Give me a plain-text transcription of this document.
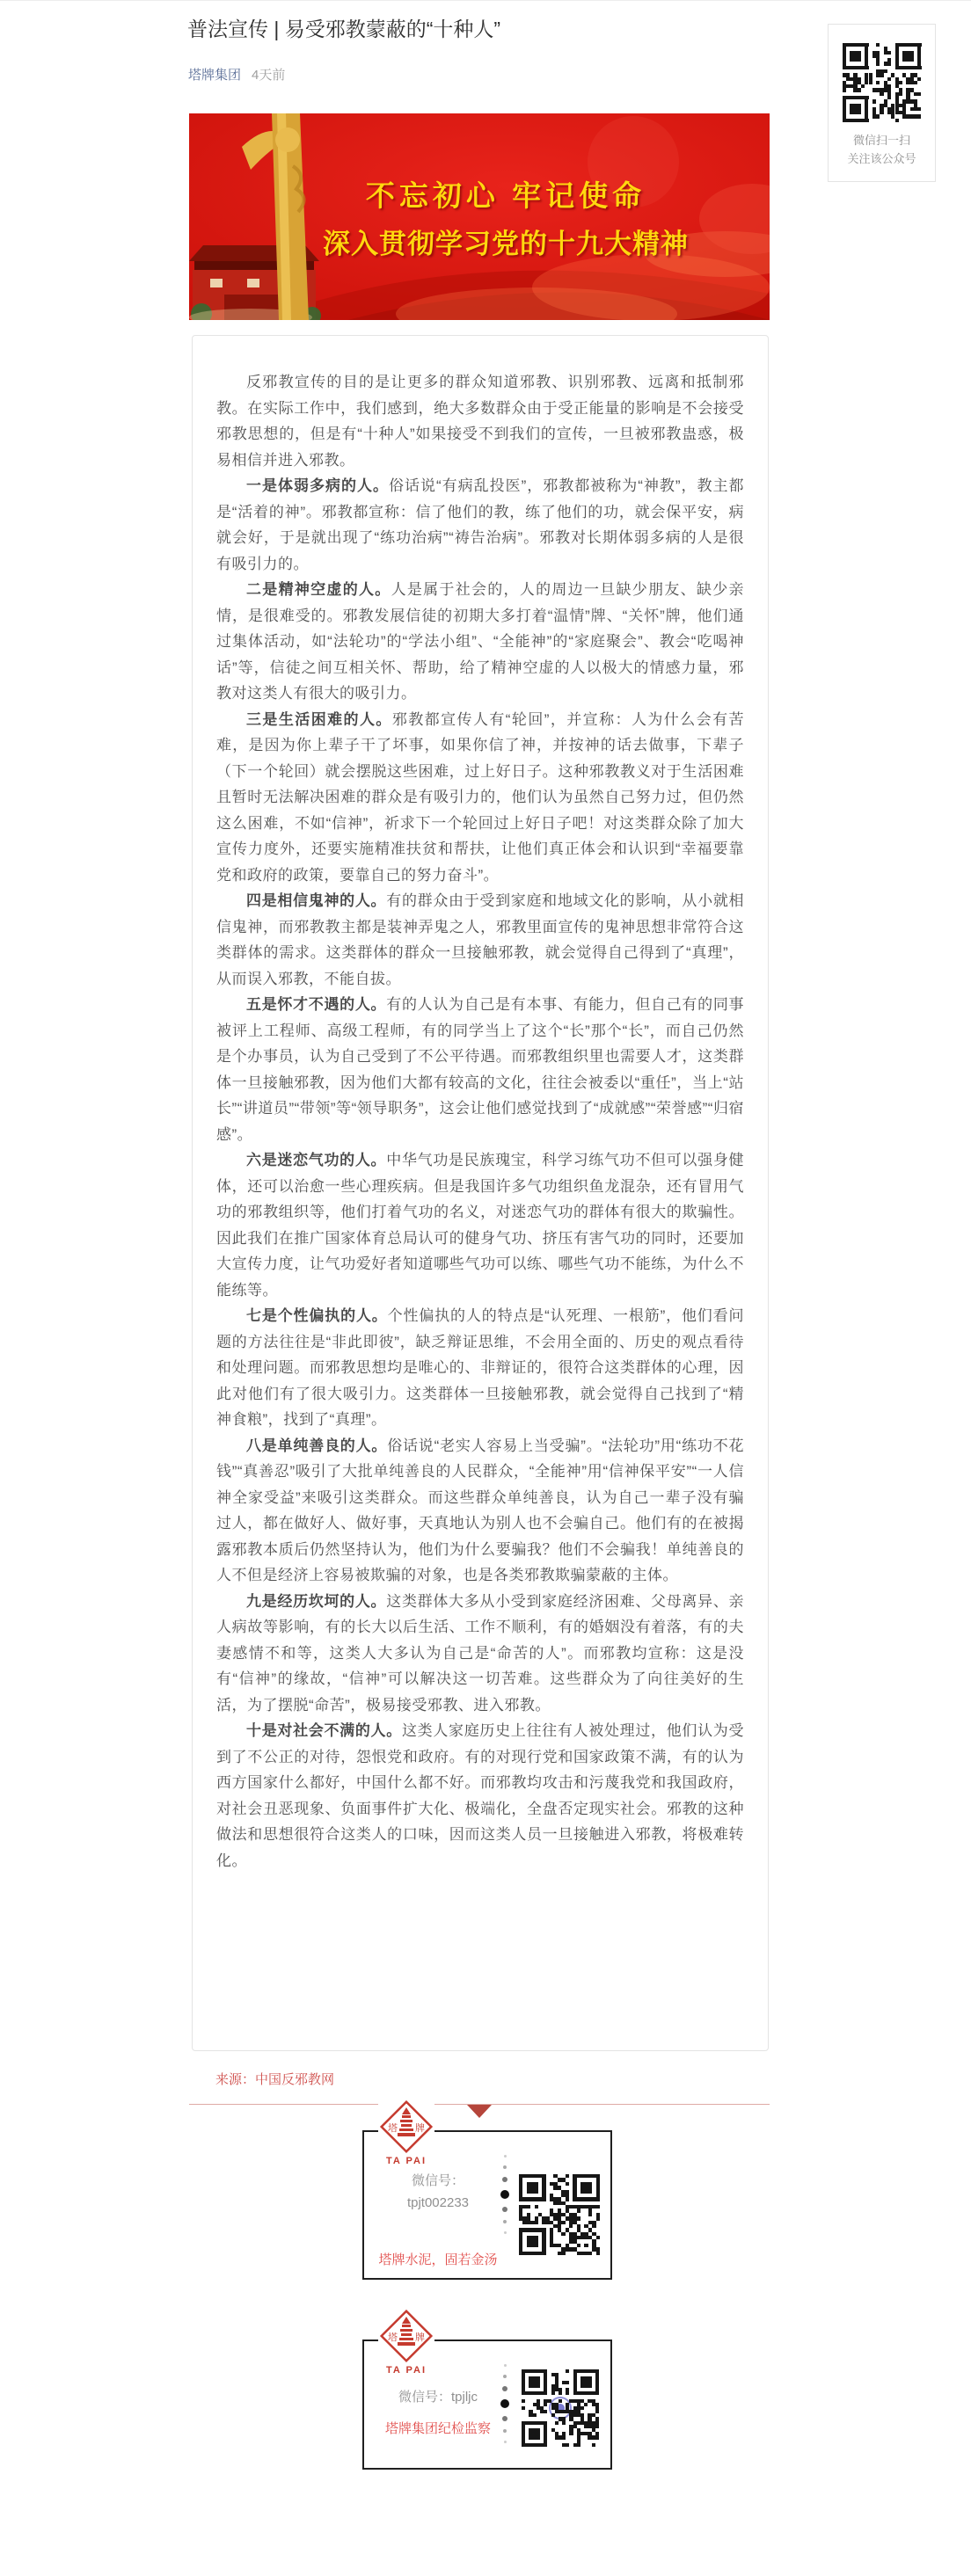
普法宣传 | 易受邪教蒙蔽的“十种人”
塔牌集团 4天前
微信扫一扫
关注该公众号
不忘初心 牢记使命
深入贯彻学习党的十九大精神

反邪教宣传的目的是让更多的群众知道邪教、识别邪教、远离和抵制邪教。在实际工作中，我们感到，绝大多数群众由于受正能量的影响是不会接受邪教思想的，但是有“十种人”如果接受不到我们的宣传，一旦被邪教蛊惑，极易相信并进入邪教。

一是体弱多病的人。俗话说“有病乱投医”，邪教都被称为“神教”，教主都是“活着的神”。邪教都宣称：信了他们的教，练了他们的功，就会保平安，病就会好，于是就出现了“练功治病”“祷告治病”。邪教对长期体弱多病的人是很有吸引力的。

二是精神空虚的人。人是属于社会的，人的周边一旦缺少朋友、缺少亲情，是很难受的。邪教发展信徒的初期大多打着“温情”牌、“关怀”牌，他们通过集体活动，如“法轮功”的“学法小组”、“全能神”的“家庭聚会”、教会“吃喝神话”等，信徒之间互相关怀、帮助，给了精神空虚的人以极大的情感力量，邪教对这类人有很大的吸引力。

三是生活困难的人。邪教都宣传人有“轮回”，并宣称：人为什么会有苦难，是因为你上辈子干了坏事，如果你信了神，并按神的话去做事，下辈子（下一个轮回）就会摆脱这些困难，过上好日子。这种邪教教义对于生活困难且暂时无法解决困难的群众是有吸引力的，他们认为虽然自己努力过，但仍然这么困难，不如“信神”，祈求下一个轮回过上好日子吧！对这类群众除了加大宣传力度外，还要实施精准扶贫和帮扶，让他们真正体会和认识到“幸福要靠党和政府的政策，要靠自己的努力奋斗”。

四是相信鬼神的人。有的群众由于受到家庭和地域文化的影响，从小就相信鬼神，而邪教教主都是装神弄鬼之人，邪教里面宣传的鬼神思想非常符合这类群体的需求。这类群体的群众一旦接触邪教，就会觉得自己得到了“真理”，从而误入邪教，不能自拔。

五是怀才不遇的人。有的人认为自己是有本事、有能力，但自己有的同事被评上工程师、高级工程师，有的同学当上了这个“长”那个“长”，而自己仍然是个办事员，认为自己受到了不公平待遇。而邪教组织里也需要人才，这类群体一旦接触邪教，因为他们大都有较高的文化，往往会被委以“重任”，当上“站长”“讲道员”“带领”等“领导职务”，这会让他们感觉找到了“成就感”“荣誉感”“归宿感”。

六是迷恋气功的人。中华气功是民族瑰宝，科学习练气功不但可以强身健体，还可以治愈一些心理疾病。但是我国许多气功组织鱼龙混杂，还有冒用气功的邪教组织等，他们打着气功的名义，对迷恋气功的群体有很大的欺骗性。因此我们在推广国家体育总局认可的健身气功、挤压有害气功的同时，还要加大宣传力度，让气功爱好者知道哪些气功可以练、哪些气功不能练，为什么不能练等。

七是个性偏执的人。个性偏执的人的特点是“认死理、一根筋”，他们看问题的方法往往是“非此即彼”，缺乏辩证思维，不会用全面的、历史的观点看待和处理问题。而邪教思想均是唯心的、非辩证的，很符合这类群体的心理，因此对他们有了很大吸引力。这类群体一旦接触邪教，就会觉得自己找到了“精神食粮”，找到了“真理”。

八是单纯善良的人。俗话说“老实人容易上当受骗”。“法轮功”用“练功不花钱”“真善忍”吸引了大批单纯善良的人民群众，“全能神”用“信神保平安”“一人信神全家受益”来吸引这类群众。而这些群众单纯善良，认为自己一辈子没有骗过人，都在做好人、做好事，天真地认为别人也不会骗自己。他们有的在被揭露邪教本质后仍然坚持认为，他们为什么要骗我？他们不会骗我！单纯善良的人不但是经济上容易被欺骗的对象，也是各类邪教欺骗蒙蔽的主体。

九是经历坎坷的人。这类群体大多从小受到家庭经济困难、父母离异、亲人病故等影响，有的长大以后生活、工作不顺利，有的婚姻没有着落，有的夫妻感情不和等，这类人大多认为自己是“命苦的人”。而邪教均宣称：这是没有“信神”的缘故，“信神”可以解决这一切苦难。这些群众为了向往美好的生活，为了摆脱“命苦”，极易接受邪教、进入邪教。

十是对社会不满的人。这类人家庭历史上往往有人被处理过，他们认为受到了不公正的对待，怨恨党和政府。有的对现行党和国家政策不满，有的认为西方国家什么都好，中国什么都不好。而邪教均攻击和污蔑我党和我国政府，对社会丑恶现象、负面事件扩大化、极端化，全盘否定现实社会。邪教的这种做法和思想很符合这类人的口味，因而这类人员一旦接触进入邪教，将极难转化。

来源：中国反邪教网
塔 牌
TA PAI
微信号：
tpjt002233
塔牌水泥，固若金汤
塔 牌
TA PAI
微信号：tpjljc
塔牌集团纪检监察
